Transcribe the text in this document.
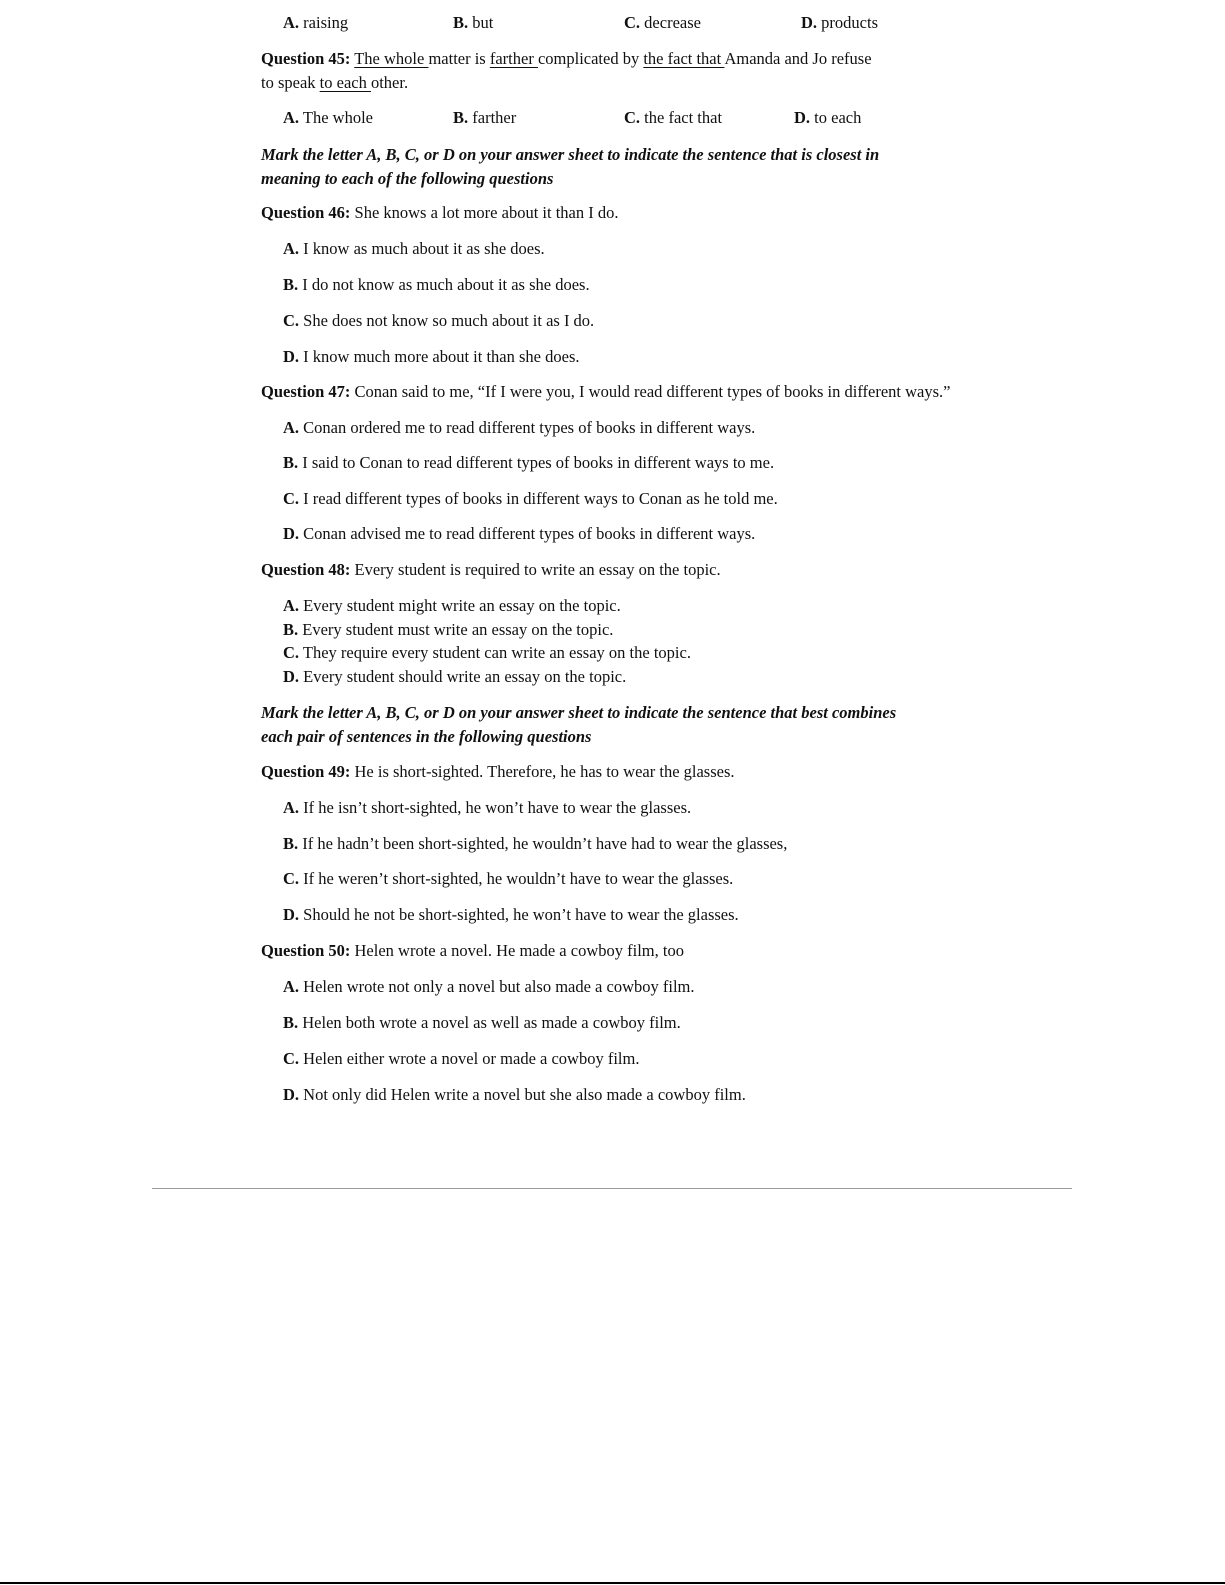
A. raising	B. but	C. decrease	D. products
Question 45: The whole matter is farther complicated by the fact that Amanda and Jo refuse
to speak to each other.
A. The whole	B. farther	C. the fact that	D. to each
Mark the letter A, B, C, or D on your answer sheet to indicate the sentence that is closest in
meaning to each of the following questions
Question 46: She knows a lot more about it than I do.
A. I know as much about it as she does.
B. I do not know as much about it as she does.
C. She does not know so much about it as I do.
D. I know much more about it than she does.
Question 47: Conan said to me, “If I were you, I would read different types of books in different ways.”
A. Conan ordered me to read different types of books in different ways.
B. I said to Conan to read different types of books in different ways to me.
C. I read different types of books in different ways to Conan as he told me.
D. Conan advised me to read different types of books in different ways.
Question 48: Every student is required to write an essay on the topic.
A. Every student might write an essay on the topic.
B. Every student must write an essay on the topic.
C. They require every student can write an essay on the topic.
D. Every student should write an essay on the topic.
Mark the letter A, B, C, or D on your answer sheet to indicate the sentence that best combines
each pair of sentences in the following questions
Question 49: He is short-sighted. Therefore, he has to wear the glasses.
A. If he isn’t short-sighted, he won’t have to wear the glasses.
B. If he hadn’t been short-sighted, he wouldn’t have had to wear the glasses,
C. If he weren’t short-sighted, he wouldn’t have to wear the glasses.
D. Should he not be short-sighted, he won’t have to wear the glasses.
Question 50: Helen wrote a novel. He made a cowboy film, too
A. Helen wrote not only a novel but also made a cowboy film.
B. Helen both wrote a novel as well as made a cowboy film.
C. Helen either wrote a novel or made a cowboy film.
D. Not only did Helen write a novel but she also made a cowboy film.
